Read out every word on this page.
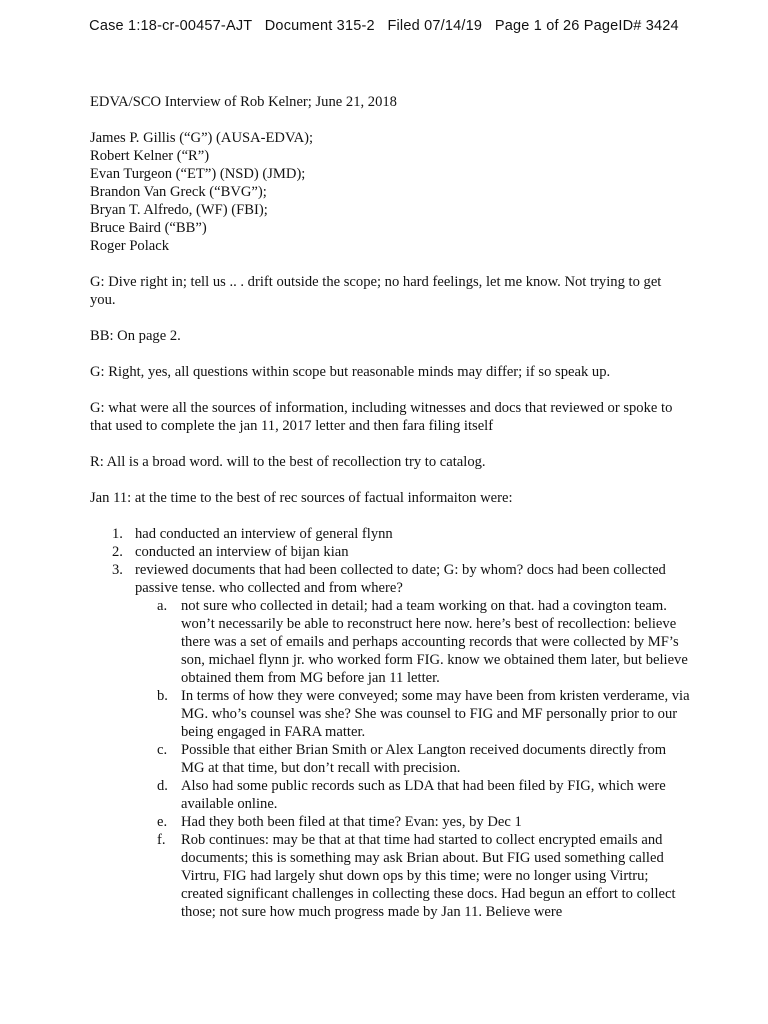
Case 1:18-cr-00457-AJT Document 315-2 Filed 07/14/19 Page 1 of 26 PageID# 3424
EDVA/SCO Interview of Rob Kelner; June 21, 2018
James P. Gillis (“G”) (AUSA-EDVA);
Robert Kelner (“R”)
Evan Turgeon (“ET”) (NSD) (JMD);
Brandon Van Greck (“BVG”);
Bryan T. Alfredo, (WF) (FBI);
Bruce Baird (“BB”)
Roger Polack
G: Dive right in; tell us .. . drift outside the scope; no hard feelings, let me know. Not trying to get you.
BB: On page 2.
G: Right, yes, all questions within scope but reasonable minds may differ; if so speak up.
G: what were all the sources of information, including witnesses and docs that reviewed or spoke to that used to complete the jan 11, 2017 letter and then fara filing itself
R: All is a broad word. will to the best of recollection try to catalog.
Jan 11: at the time to the best of rec sources of factual informaiton were:
1. had conducted an interview of general flynn
2. conducted an interview of bijan kian
3. reviewed documents that had been collected to date; G: by whom? docs had been collected passive tense. who collected and from where?
a. not sure who collected in detail; had a team working on that. had a covington team. won’t necessarily be able to reconstruct here now. here’s best of recollection: believe there was a set of emails and perhaps accounting records that were collected by MF’s son, michael flynn jr. who worked form FIG. know we obtained them later, but believe obtained them from MG before jan 11 letter.
b. In terms of how they were conveyed; some may have been from kristen verderame, via MG. who’s counsel was she? She was counsel to FIG and MF personally prior to our being engaged in FARA matter.
c. Possible that either Brian Smith or Alex Langton received documents directly from MG at that time, but don’t recall with precision.
d. Also had some public records such as LDA that had been filed by FIG, which were available online.
e. Had they both been filed at that time? Evan: yes, by Dec 1
f. Rob continues: may be that at that time had started to collect encrypted emails and documents; this is something may ask Brian about. But FIG used something called Virtru, FIG had largely shut down ops by this time; were no longer using Virtru; created significant challenges in collecting these docs. Had begun an effort to collect those; not sure how much progress made by Jan 11. Believe were
